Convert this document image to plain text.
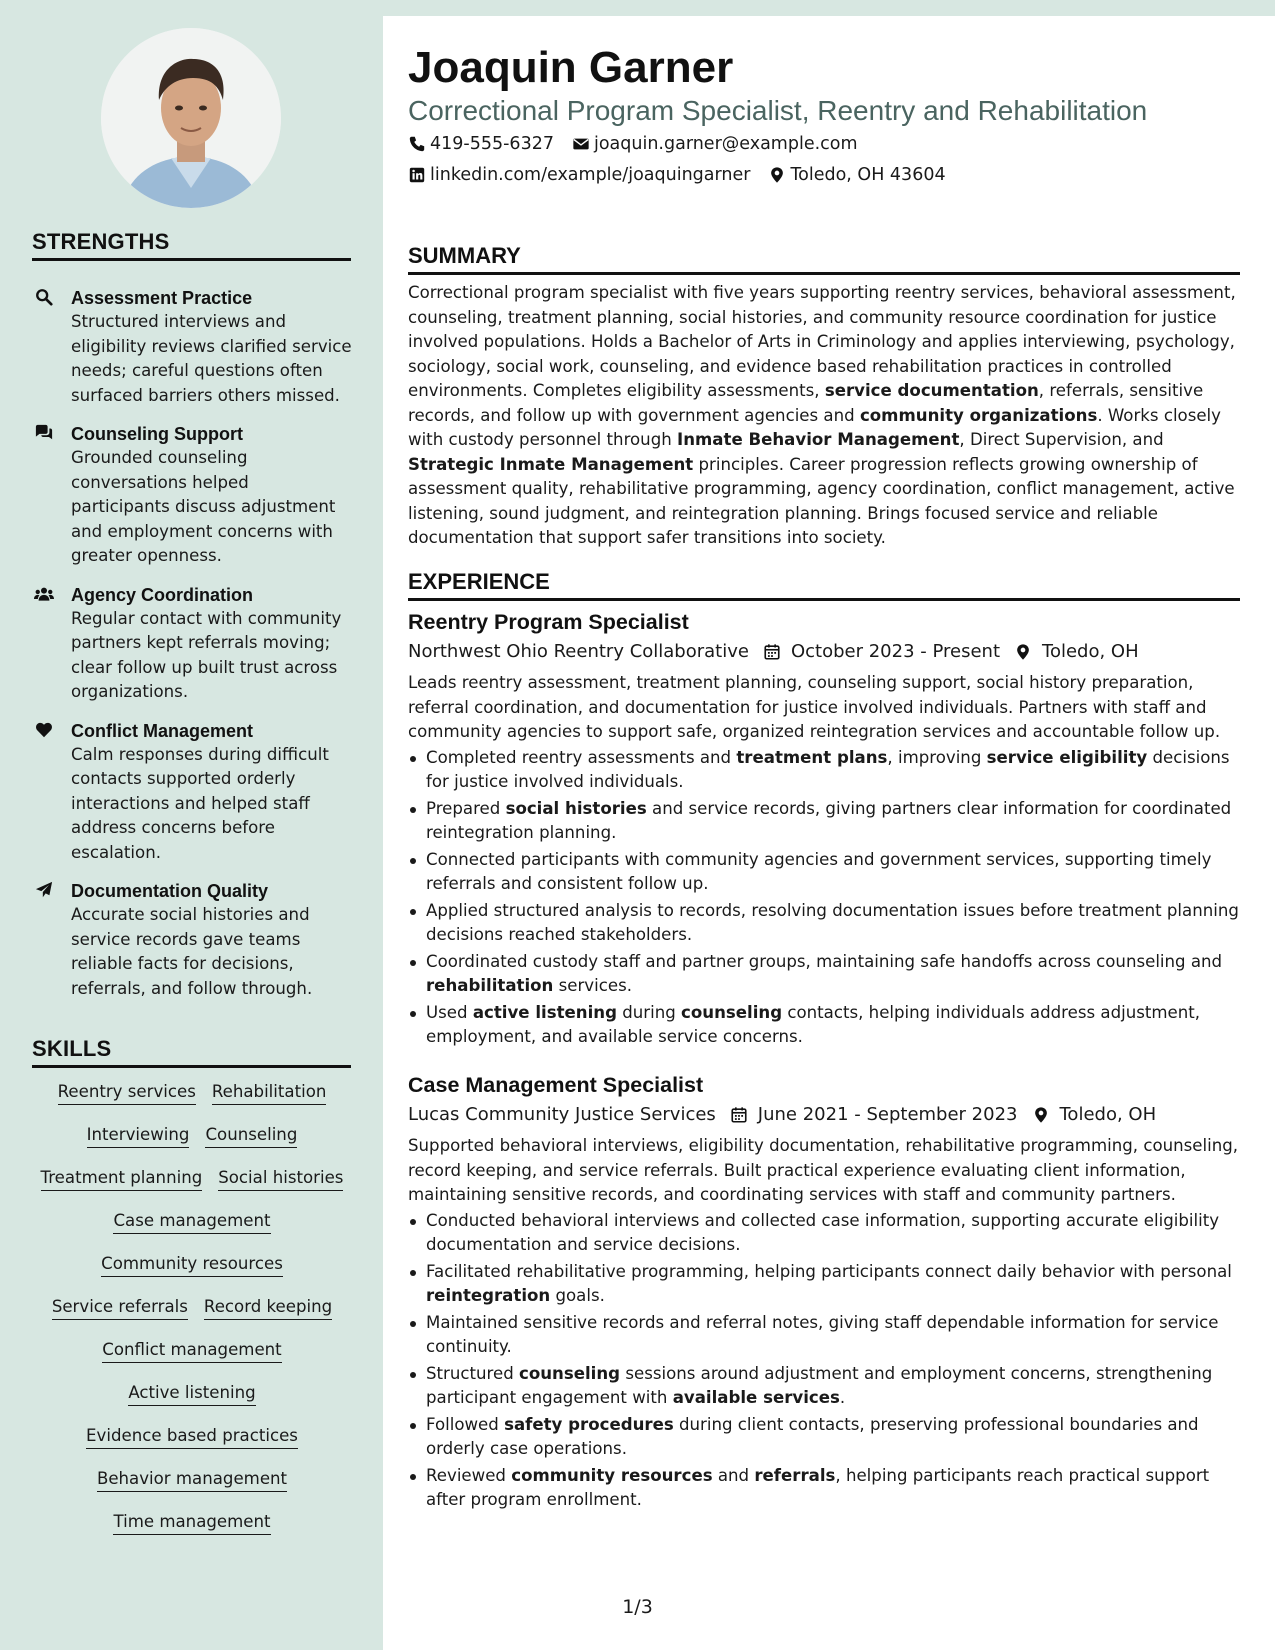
STRENGTHS
Assessment Practice
Structured interviews and eligibility reviews clarified service needs; careful questions often surfaced barriers others missed.
Counseling Support
Grounded counseling conversations helped participants discuss adjustment and employment concerns with greater openness.
Agency Coordination
Regular contact with community partners kept referrals moving; clear follow up built trust across organizations.
Conflict Management
Calm responses during difficult contacts supported orderly interactions and helped staff address concerns before escalation.
Documentation Quality
Accurate social histories and service records gave teams reliable facts for decisions, referrals, and follow through.
SKILLS
Reentry services Rehabilitation
Interviewing Counseling
Treatment planning Social histories
Case management
Community resources
Service referrals Record keeping
Conflict management
Active listening
Evidence based practices
Behavior management
Time management
Joaquin Garner
Correctional Program Specialist, Reentry and Rehabilitation
419-555-6327 joaquin.garner@example.com
linkedin.com/example/joaquingarner Toledo, OH 43604
SUMMARY

Correctional program specialist with five years supporting reentry services, behavioral assessment, counseling, treatment planning, social histories, and community resource coordination for justice involved populations. Holds a Bachelor of Arts in Criminology and applies interviewing, psychology, sociology, social work, counseling, and evidence based rehabilitation practices in controlled environments. Completes eligibility assessments, service documentation, referrals, sensitive records, and follow up with government agencies and community organizations. Works closely with custody personnel through Inmate Behavior Management, Direct Supervision, and Strategic Inmate Management principles. Career progression reflects growing ownership of assessment quality, rehabilitative programming, agency coordination, conflict management, active listening, sound judgment, and reintegration planning. Brings focused service and reliable documentation that support safer transitions into society.

EXPERIENCE
Reentry Program Specialist
Northwest Ohio Reentry Collaborative October 2023 - Present Toledo, OH

Leads reentry assessment, treatment planning, counseling support, social history preparation, referral coordination, and documentation for justice involved individuals. Partners with staff and community agencies to support safe, organized reintegration services and accountable follow up.

Completed reentry assessments and treatment plans, improving service eligibility decisions for justice involved individuals.
Prepared social histories and service records, giving partners clear information for coordinated reintegration planning.
Connected participants with community agencies and government services, supporting timely referrals and consistent follow up.
Applied structured analysis to records, resolving documentation issues before treatment planning decisions reached stakeholders.
Coordinated custody staff and partner groups, maintaining safe handoffs across counseling and rehabilitation services.
Used active listening during counseling contacts, helping individuals address adjustment, employment, and available service concerns.
Case Management Specialist
Lucas Community Justice Services June 2021 - September 2023 Toledo, OH

Supported behavioral interviews, eligibility documentation, rehabilitative programming, counseling, record keeping, and service referrals. Built practical experience evaluating client information, maintaining sensitive records, and coordinating services with staff and community partners.

Conducted behavioral interviews and collected case information, supporting accurate eligibility documentation and service decisions.
Facilitated rehabilitative programming, helping participants connect daily behavior with personal reintegration goals.
Maintained sensitive records and referral notes, giving staff dependable information for service continuity.
Structured counseling sessions around adjustment and employment concerns, strengthening participant engagement with available services.
Followed safety procedures during client contacts, preserving professional boundaries and orderly case operations.
Reviewed community resources and referrals, helping participants reach practical support after program enrollment.
1/3
